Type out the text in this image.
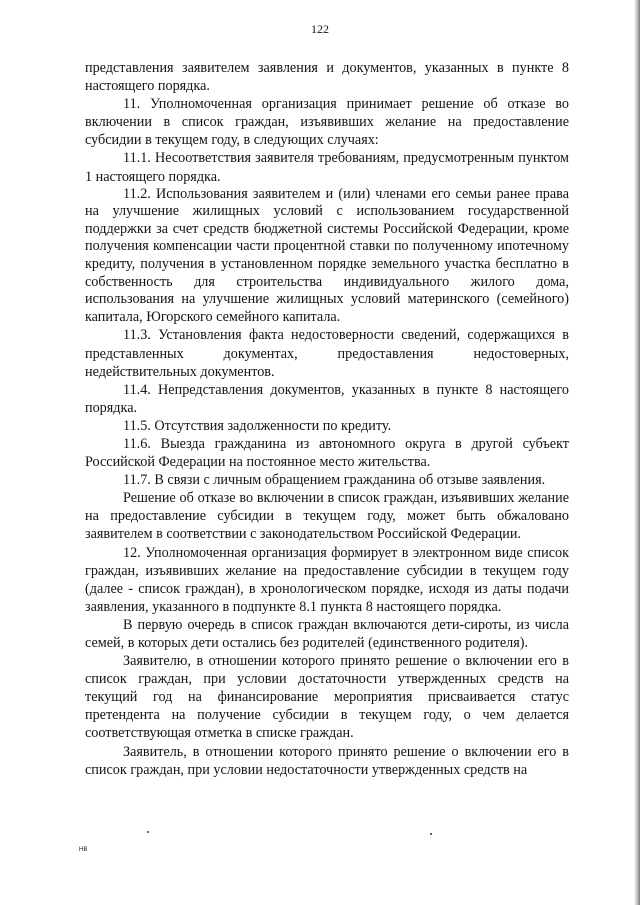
122

представления заявителем заявления и документов, указанных в пункте 8 настоящего порядка.

11. Уполномоченная организация принимает решение об отказе во включении в список граждан, изъявивших желание на предоставление субсидии в текущем году, в следующих случаях:

11.1. Несоответствия заявителя требованиям, предусмотренным пунктом 1 настоящего порядка.

11.2. Использования заявителем и (или) членами его семьи ранее права на улучшение жилищных условий с использованием государственной поддержки за счет средств бюджетной системы Российской Федерации, кроме получения компенсации части процентной ставки по полученному ипотечному кредиту, получения в установленном порядке земельного участка бесплатно в собственность для строительства индивидуального жилого дома, использования на улучшение жилищных условий материнского (семейного) капитала, Югорского семейного капитала.

11.3. Установления факта недостоверности сведений, содержащихся в представленных документах, предоставления недостоверных, недействительных документов.

11.4. Непредставления документов, указанных в пункте 8 настоящего порядка.

11.5. Отсутствия задолженности по кредиту.

11.6. Выезда гражданина из автономного округа в другой субъект Российской Федерации на постоянное место жительства.

11.7. В связи с личным обращением гражданина об отзыве заявления.

Решение об отказе во включении в список граждан, изъявивших желание на предоставление субсидии в текущем году, может быть обжаловано заявителем в соответствии с законодательством Российской Федерации.

12. Уполномоченная организация формирует в электронном виде список граждан, изъявивших желание на предоставление субсидии в текущем году (далее - список граждан), в хронологическом порядке, исходя из даты подачи заявления, указанного в подпункте 8.1 пункта 8 настоящего порядка.

В первую очередь в список граждан включаются дети-сироты, из числа семей, в которых дети остались без родителей (единственного родителя).

Заявителю, в отношении которого принято решение о включении его в список граждан, при условии достаточности утвержденных средств на текущий год на финансирование мероприятия присваивается статус претендента на получение субсидии в текущем году, о чем делается соответствующая отметка в списке граждан.

Заявитель, в отношении которого принято решение о включении его в список граждан, при условии недостаточности утвержденных средств на

НВ
